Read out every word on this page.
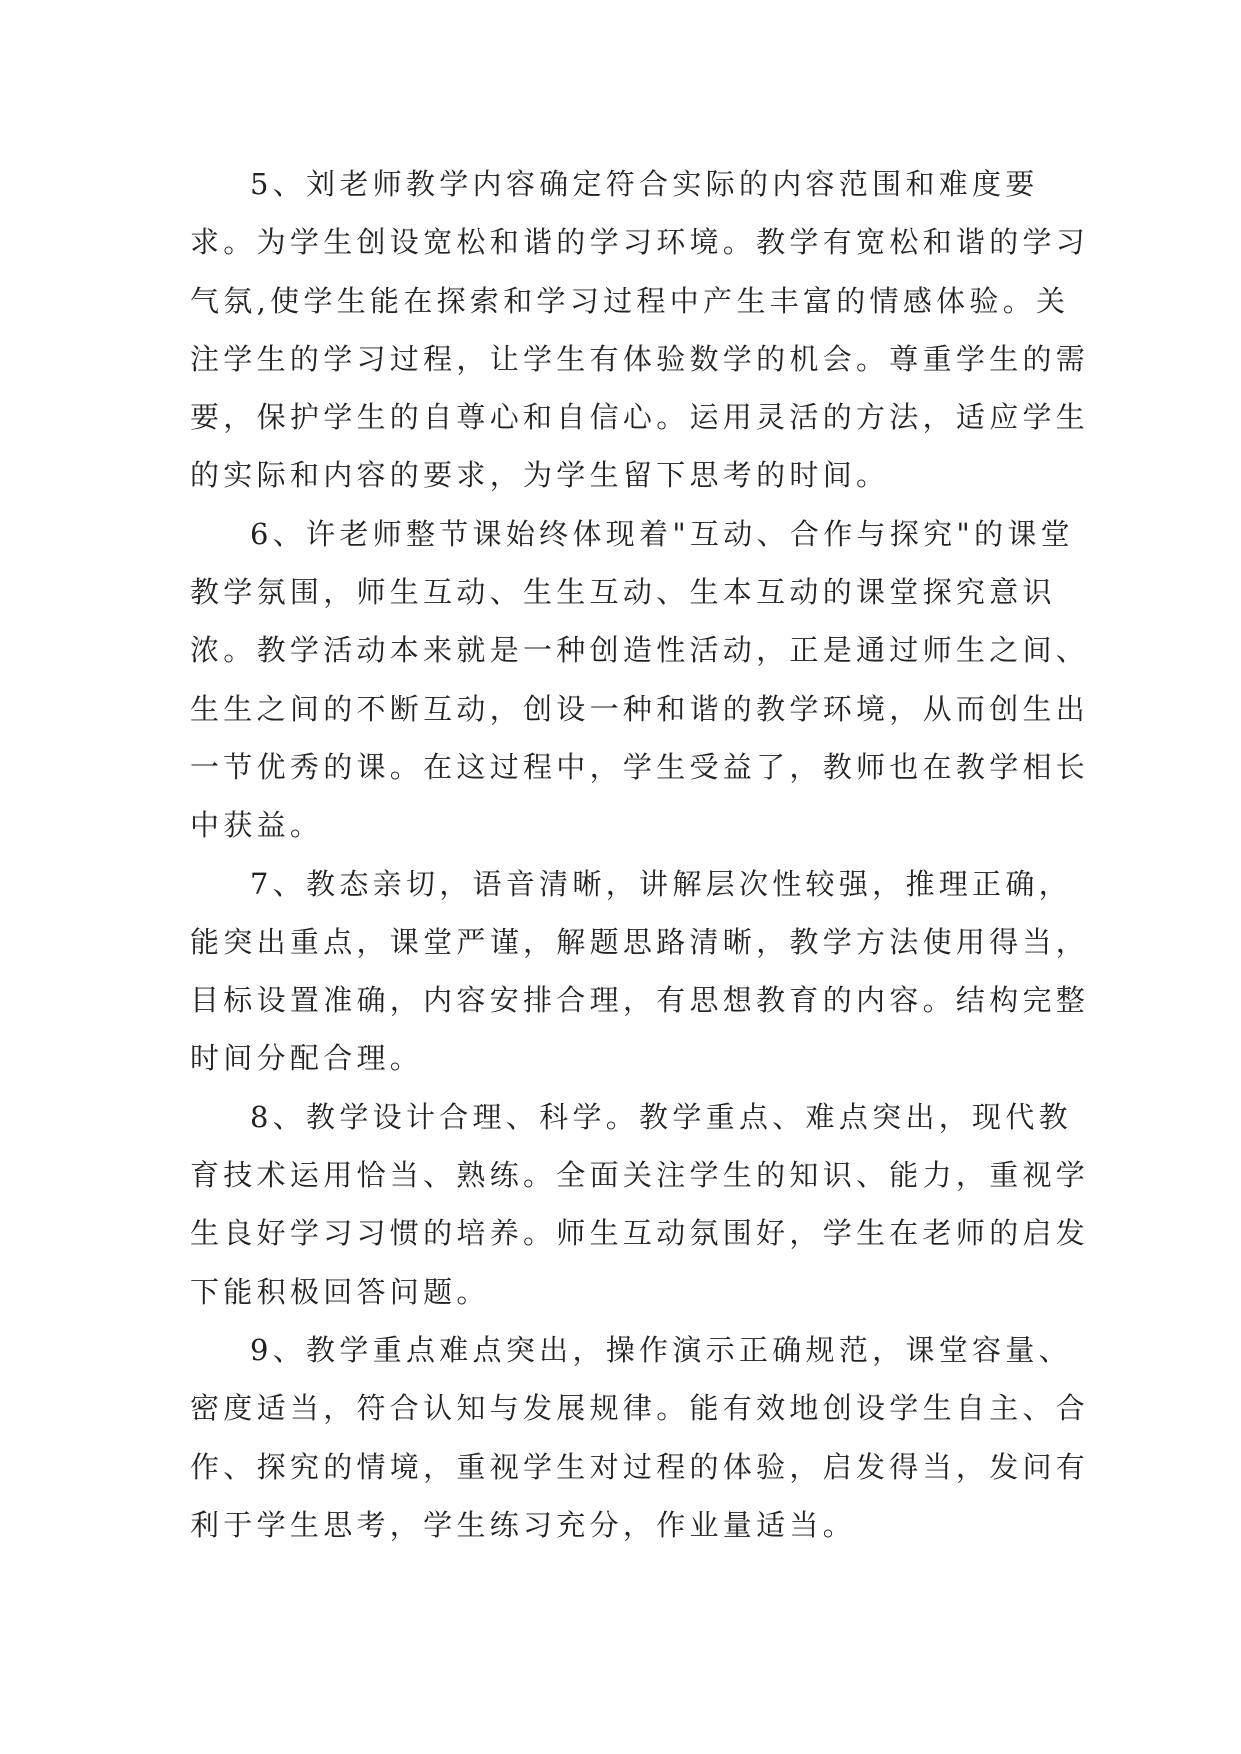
5、刘老师教学内容确定符合实际的内容范围和难度要求。为学生创设宽松和谐的学习环境。教学有宽松和谐的学习气氛,使学生能在探索和学习过程中产生丰富的情感体验。关注学生的学习过程，让学生有体验数学的机会。尊重学生的需要，保护学生的自尊心和自信心。运用灵活的方法，适应学生的实际和内容的要求，为学生留下思考的时间。

6、许老师整节课始终体现着"互动、合作与探究"的课堂教学氛围，师生互动、生生互动、生本互动的课堂探究意识浓。教学活动本来就是一种创造性活动，正是通过师生之间、生生之间的不断互动，创设一种和谐的教学环境，从而创生出一节优秀的课。在这过程中，学生受益了，教师也在教学相长中获益。

7、教态亲切，语音清晰，讲解层次性较强，推理正确，能突出重点，课堂严谨，解题思路清晰，教学方法使用得当，目标设置准确，内容安排合理，有思想教育的内容。结构完整时间分配合理。

8、教学设计合理、科学。教学重点、难点突出，现代教育技术运用恰当、熟练。全面关注学生的知识、能力，重视学生良好学习习惯的培养。师生互动氛围好，学生在老师的启发下能积极回答问题。

9、教学重点难点突出，操作演示正确规范，课堂容量、密度适当，符合认知与发展规律。能有效地创设学生自主、合作、探究的情境，重视学生对过程的体验，启发得当，发问有利于学生思考，学生练习充分，作业量适当。
